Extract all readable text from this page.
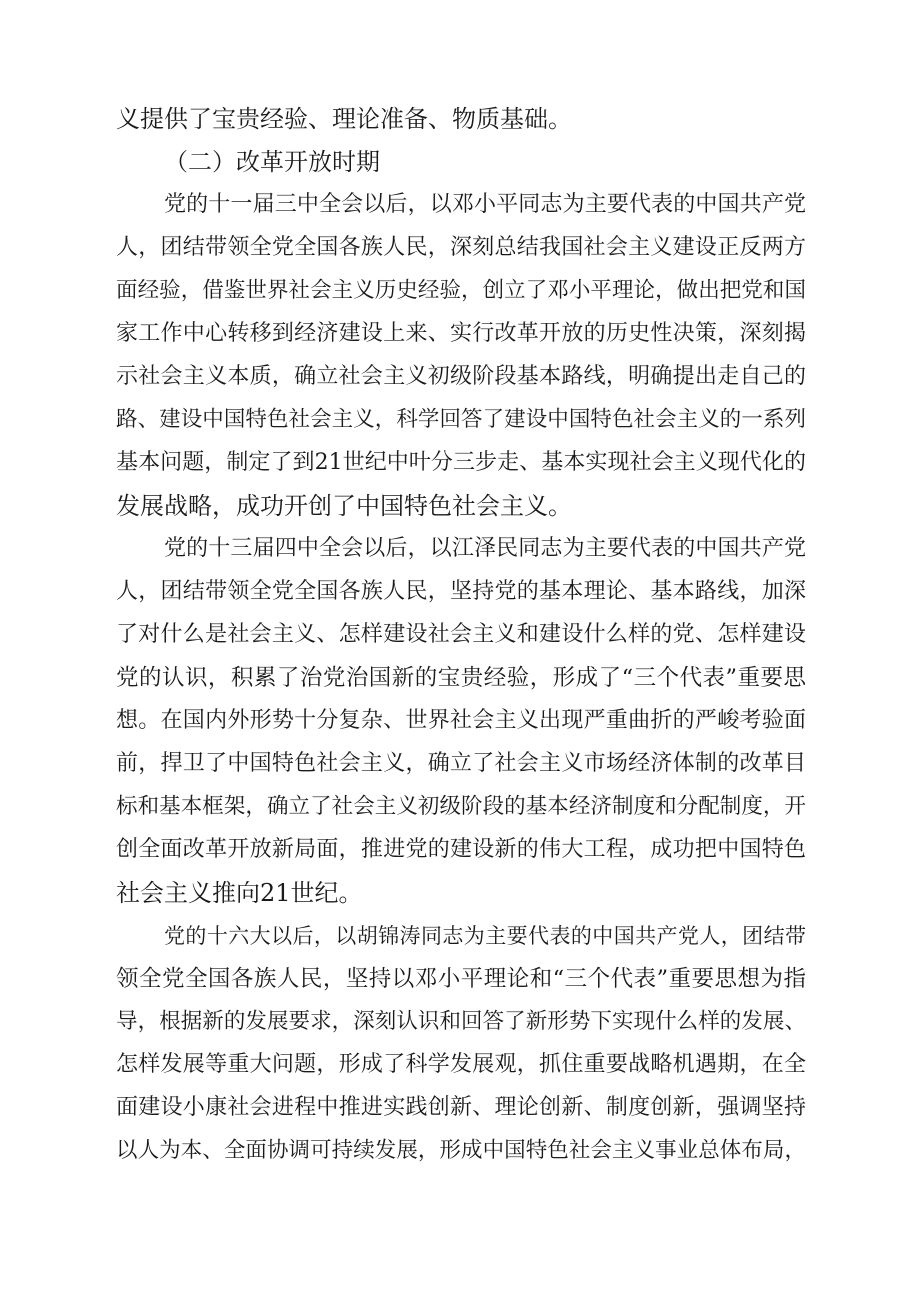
义提供了宝贵经验、理论准备、物质基础。
（二）改革开放时期
党的十一届三中全会以后，以邓小平同志为主要代表的中国共产党
人，团结带领全党全国各族人民，深刻总结我国社会主义建设正反两方
面经验，借鉴世界社会主义历史经验，创立了邓小平理论，做出把党和国
家工作中心转移到经济建设上来、实行改革开放的历史性决策，深刻揭
示社会主义本质，确立社会主义初级阶段基本路线，明确提出走自己的
路、建设中国特色社会主义，科学回答了建设中国特色社会主义的一系列
基本问题，制定了到21世纪中叶分三步走、基本实现社会主义现代化的
发展战略，成功开创了中国特色社会主义。
党的十三届四中全会以后，以江泽民同志为主要代表的中国共产党
人，团结带领全党全国各族人民，坚持党的基本理论、基本路线，加深
了对什么是社会主义、怎样建设社会主义和建设什么样的党、怎样建设
党的认识，积累了治党治国新的宝贵经验，形成了“三个代表”重要思
想。在国内外形势十分复杂、世界社会主义出现严重曲折的严峻考验面
前，捍卫了中国特色社会主义，确立了社会主义市场经济体制的改革目
标和基本框架，确立了社会主义初级阶段的基本经济制度和分配制度，开
创全面改革开放新局面，推进党的建设新的伟大工程，成功把中国特色
社会主义推向21世纪。
党的十六大以后，以胡锦涛同志为主要代表的中国共产党人，团结带
领全党全国各族人民，坚持以邓小平理论和“三个代表”重要思想为指
导，根据新的发展要求，深刻认识和回答了新形势下实现什么样的发展、
怎样发展等重大问题，形成了科学发展观，抓住重要战略机遇期，在全
面建设小康社会进程中推进实践创新、理论创新、制度创新，强调坚持
以人为本、全面协调可持续发展，形成中国特色社会主义事业总体布局，
